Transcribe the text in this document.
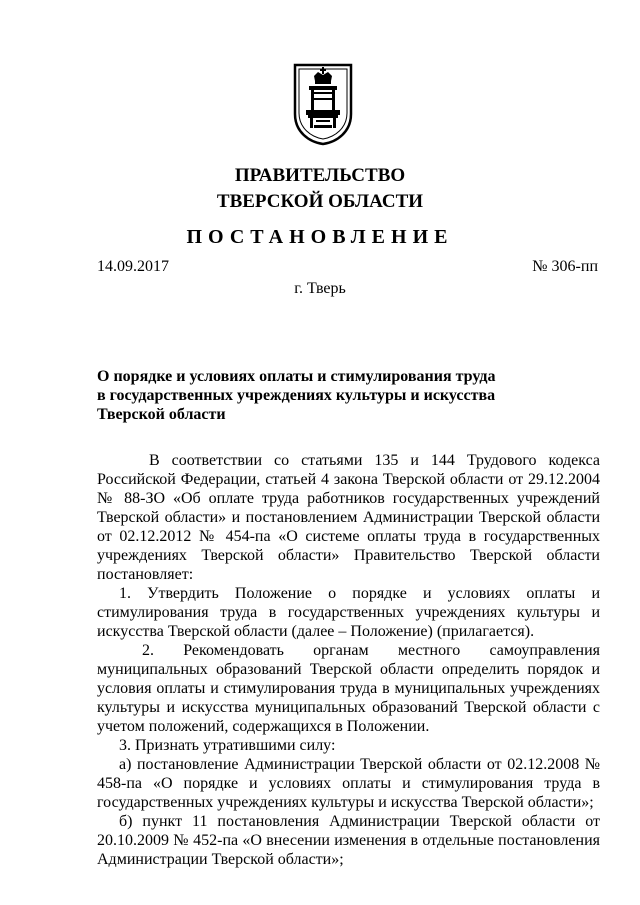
ПРАВИТЕЛЬСТВО
ТВЕРСКОЙ ОБЛАСТИ
ПОСТАНОВЛЕНИЕ
14.09.2017	№ 306-пп
г. Тверь
О порядке и условиях оплаты и стимулирования труда
в государственных учреждениях культуры и искусства
Тверской области

В соответствии со статьями 135 и 144 Трудового кодекса Российской Федерации, статьей 4 закона Тверской области от 29.12.2004 № 88-ЗО «Об оплате труда работников государственных учреждений Тверской области» и постановлением Администрации Тверской области от 02.12.2012 № 454-па «О системе оплаты труда в государственных учреждениях Тверской области» Правительство Тверской области постановляет:

1. Утвердить Положение о порядке и условиях оплаты и стимулирования труда в государственных учреждениях культуры и искусства Тверской области (далее – Положение) (прилагается).

2. Рекомендовать органам местного самоуправления муниципальных образований Тверской области определить порядок и условия оплаты и стимулирования труда в муниципальных учреждениях культуры и искусства муниципальных образований Тверской области с учетом положений, содержащихся в Положении.

3. Признать утратившими силу:

а) постановление Администрации Тверской области от 02.12.2008 № 458-па «О порядке и условиях оплаты и стимулирования труда в государственных учреждениях культуры и искусства Тверской области»;

б) пункт 11 постановления Администрации Тверской области от 20.10.2009 № 452-па «О внесении изменения в отдельные постановления Администрации Тверской области»;
